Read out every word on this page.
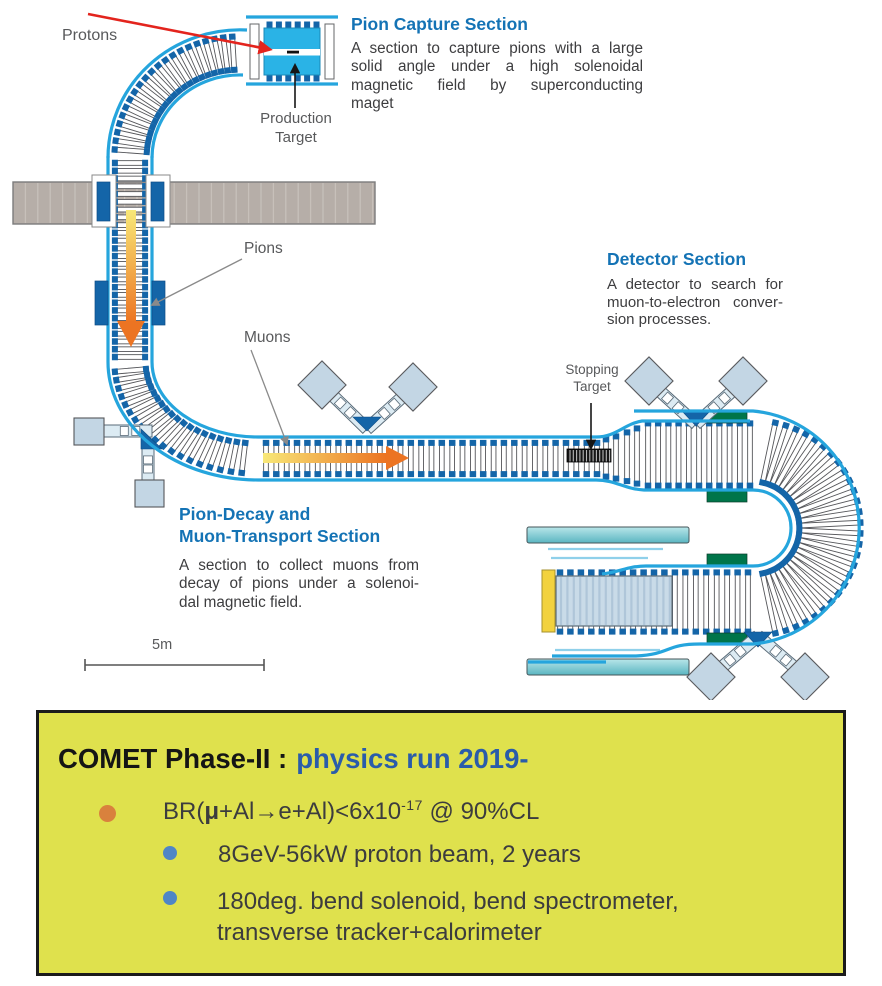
Protons
Production Target
Pions
Muons
Stopping Target
5m
Pion Capture Section
A section to capture pions with a large
solid angle under a high solenoidal
magnetic field by superconducting
maget
Detector Section
A detector to search for
muon-to-electron conver-
sion processes.
Pion-Decay and
Muon-Transport Section
A section to collect muons from
decay of pions under a solenoi-
dal magnetic field.
COMET Phase-II : physics run 2019-
$BR(\mu+Al\to e+Al)<6x10^{-17}$ @ 90%CL
8GeV-56kW proton beam, 2 years
180deg. bend solenoid, bend spectrometer,
transverse tracker+calorimeter
